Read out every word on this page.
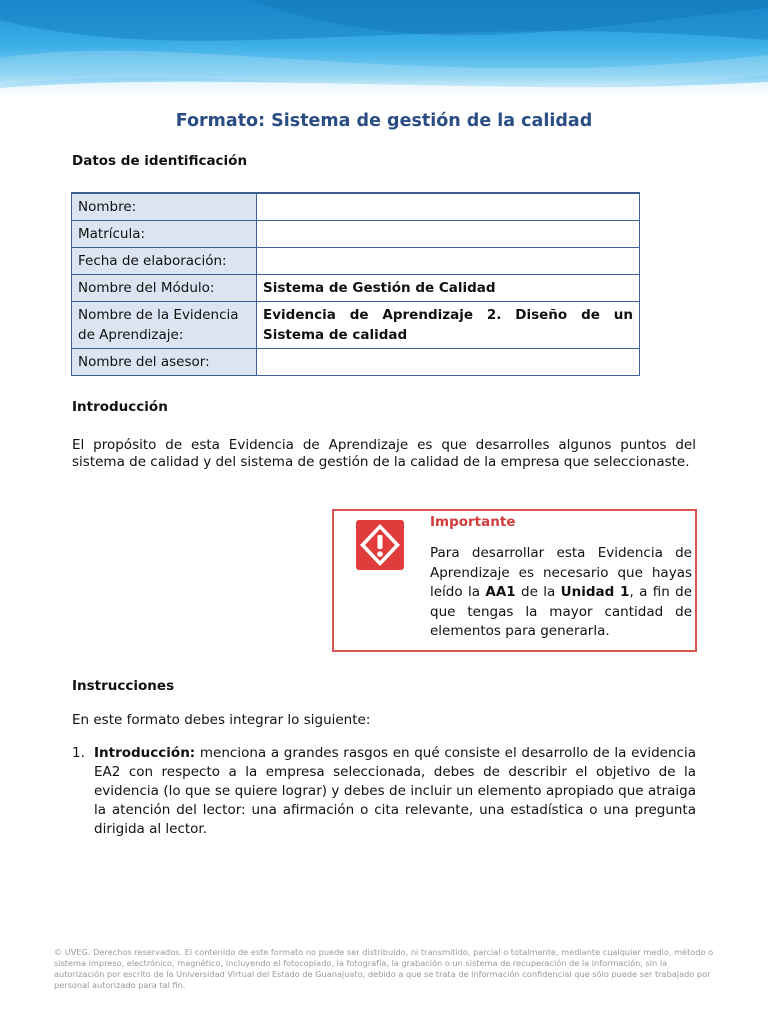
Formato: Sistema de gestión de la calidad
Datos de identificación
Nombre:	
Matrícula:	
Fecha de elaboración:	
Nombre del Módulo:	Sistema de Gestión de Calidad
Nombre de la Evidencia de Aprendizaje:	Evidencia de Aprendizaje 2. Diseño de un Sistema de calidad
Nombre del asesor:	
Introducción
El propósito de esta Evidencia de Aprendizaje es que desarrolles algunos puntos del sistema de calidad y del sistema de gestión de la calidad de la empresa que seleccionaste.
Importante
Para desarrollar esta Evidencia de Aprendizaje es necesario que hayas leído la AA1 de la Unidad 1, a fin de que tengas la mayor cantidad de elementos para generarla.
Instrucciones
En este formato debes integrar lo siguiente:
1. Introducción: menciona a grandes rasgos en qué consiste el desarrollo de la evidencia EA2 con respecto a la empresa seleccionada, debes de describir el objetivo de la evidencia (lo que se quiere lograr) y debes de incluir un elemento apropiado que atraiga la atención del lector: una afirmación o cita relevante, una estadística o una pregunta dirigida al lector.
© UVEG. Derechos reservados. El contenido de este formato no puede ser distribuido, ni transmitido, parcial o totalmente, mediante cualquier medio, método o sistema impreso, electrónico, magnético, incluyendo el fotocopiado, la fotografía, la grabación o un sistema de recuperación de la información, sin la autorización por escrito de la Universidad Virtual del Estado de Guanajuato, debido a que se trata de información confidencial que sólo puede ser trabajado por personal autorizado para tal fin.
